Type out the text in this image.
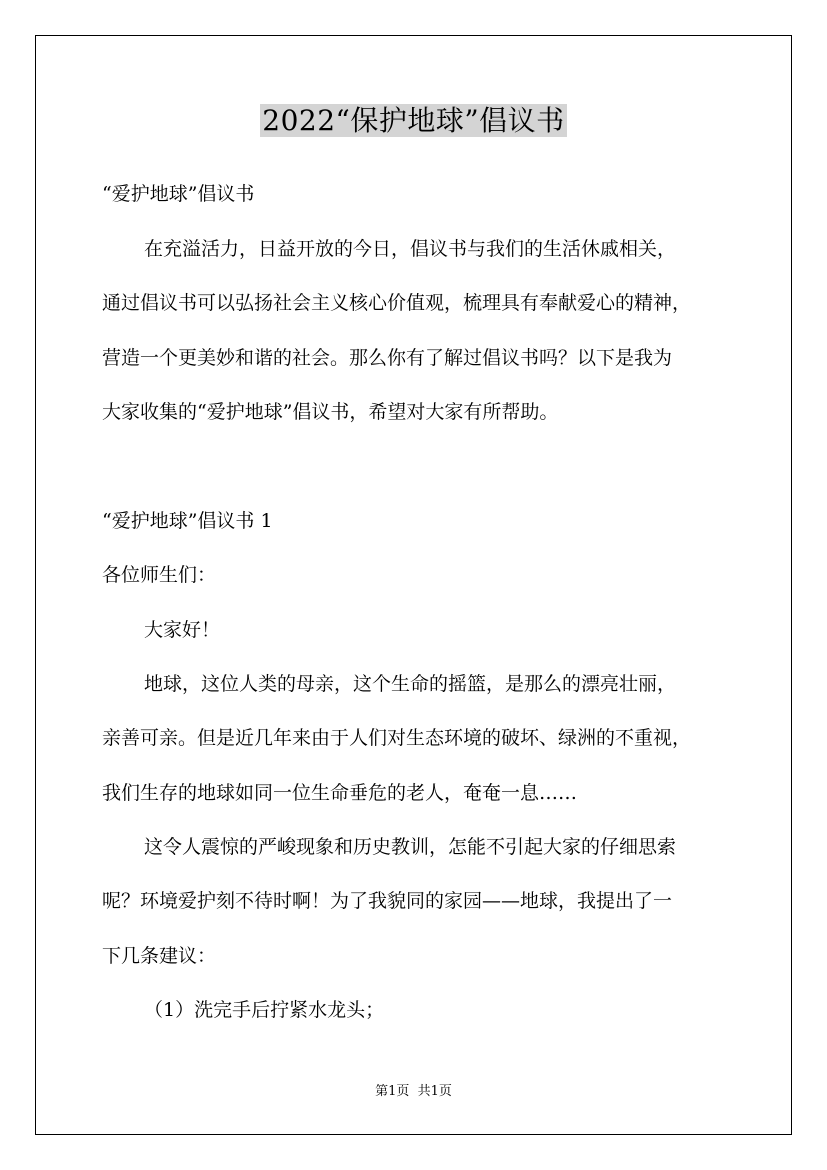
2022“保护地球”倡议书

“爱护地球”倡议书

在充溢活力，日益开放的今日，倡议书与我们的生活休戚相关，

通过倡议书可以弘扬社会主义核心价值观，梳理具有奉献爱心的精神，

营造一个更美妙和谐的社会。那么你有了解过倡议书吗？以下是我为

大家收集的“爱护地球”倡议书，希望对大家有所帮助。

“爱护地球”倡议书 1

各位师生们：

大家好！

地球，这位人类的母亲，这个生命的摇篮，是那么的漂亮壮丽，

亲善可亲。但是近几年来由于人们对生态环境的破坏、绿洲的不重视，

我们生存的地球如同一位生命垂危的老人，奄奄一息……

这令人震惊的严峻现象和历史教训，怎能不引起大家的仔细思索

呢？环境爱护刻不待时啊！为了我貌同的家园——地球，我提出了一

下几条建议：

（1）洗完手后拧紧水龙头；

第1页  共1页
